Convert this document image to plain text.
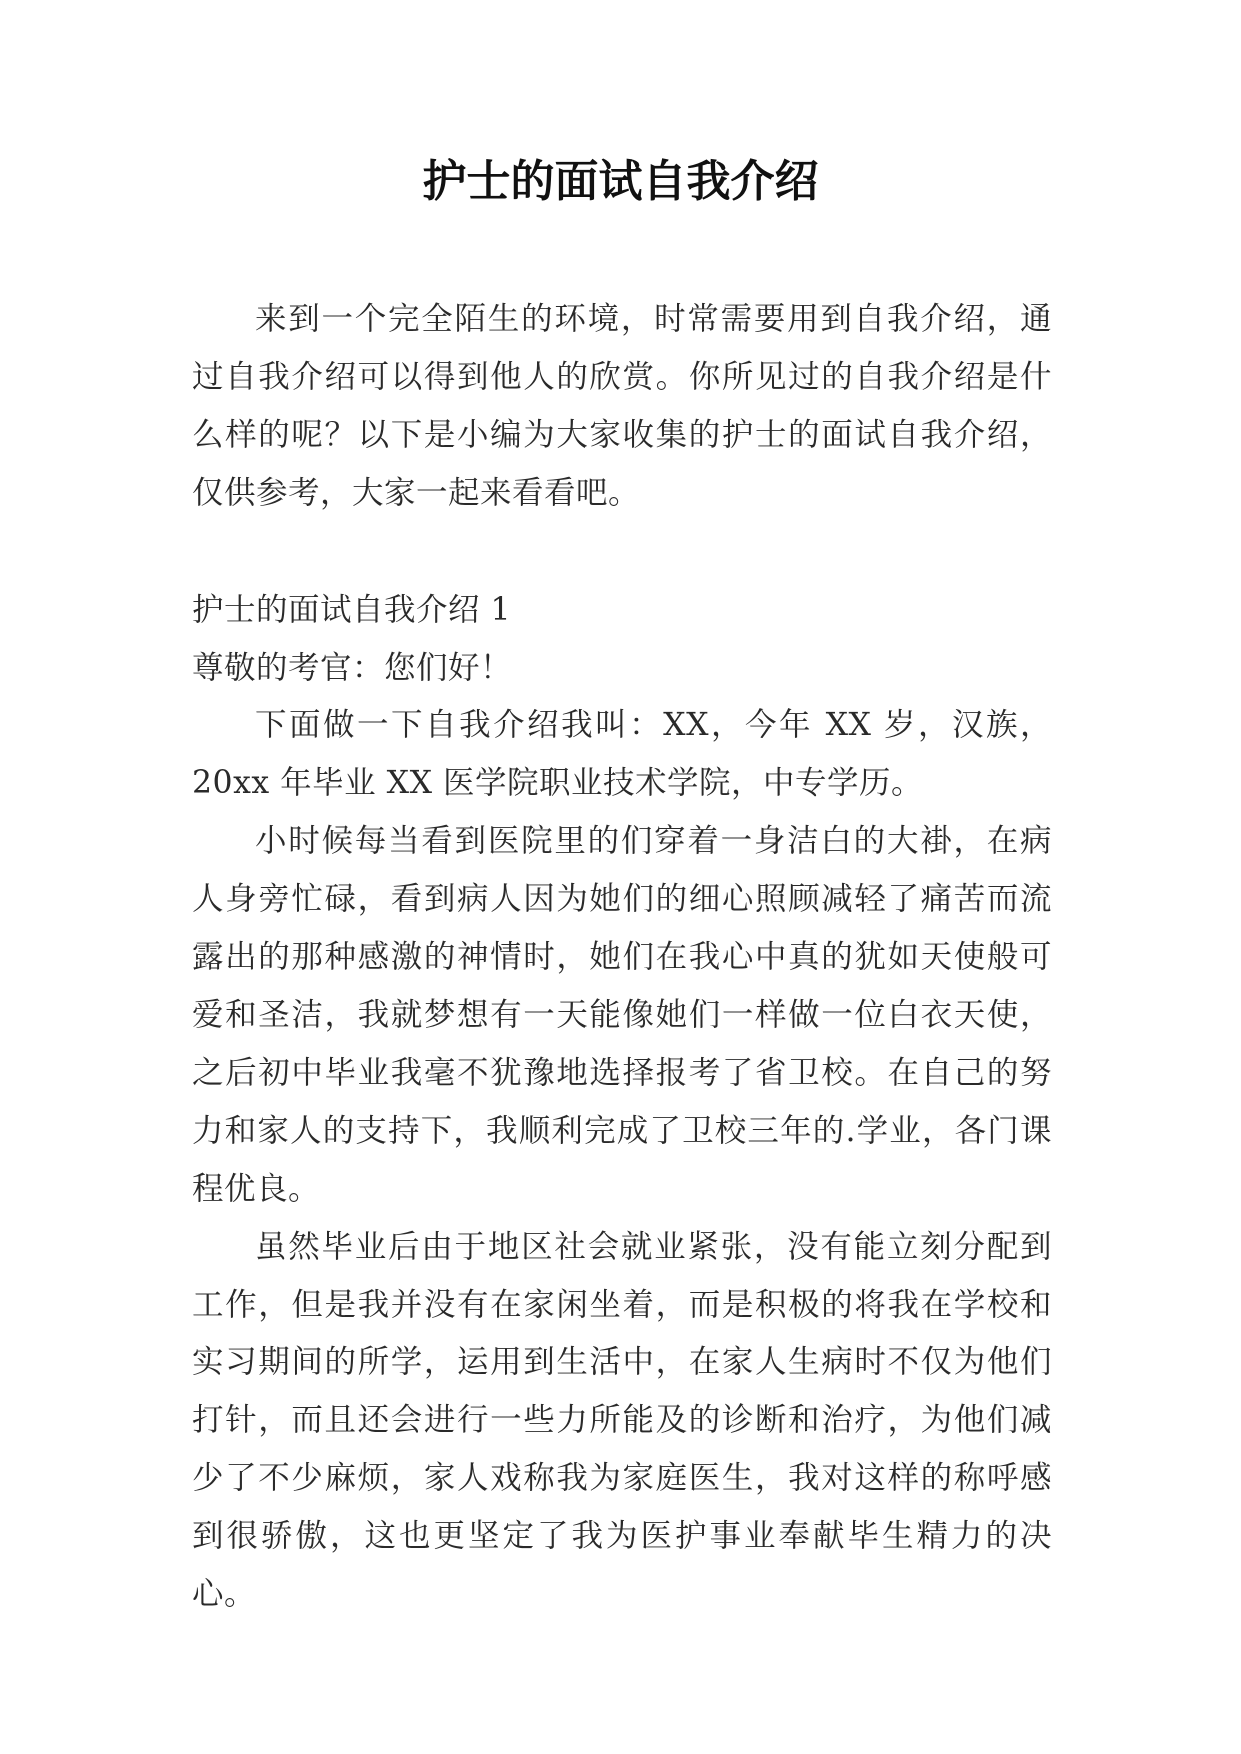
护士的面试自我介绍

来到一个完全陌生的环境，时常需要用到自我介绍，通过自我介绍可以得到他人的欣赏。你所见过的自我介绍是什么样的呢？以下是小编为大家收集的护士的面试自我介绍，仅供参考，大家一起来看看吧。

护士的面试自我介绍 1

尊敬的考官：您们好！

下面做一下自我介绍我叫：XX，今年 XX 岁，汉族，20xx 年毕业 XX 医学院职业技术学院，中专学历。

小时候每当看到医院里的们穿着一身洁白的大褂，在病人身旁忙碌，看到病人因为她们的细心照顾减轻了痛苦而流露出的那种感激的神情时，她们在我心中真的犹如天使般可爱和圣洁，我就梦想有一天能像她们一样做一位白衣天使，之后初中毕业我毫不犹豫地选择报考了省卫校。在自己的努力和家人的支持下，我顺利完成了卫校三年的.学业，各门课程优良。

虽然毕业后由于地区社会就业紧张，没有能立刻分配到工作，但是我并没有在家闲坐着，而是积极的将我在学校和实习期间的所学，运用到生活中，在家人生病时不仅为他们打针，而且还会进行一些力所能及的诊断和治疗，为他们减少了不少麻烦，家人戏称我为家庭医生，我对这样的称呼感到很骄傲，这也更坚定了我为医护事业奉献毕生精力的决心。
